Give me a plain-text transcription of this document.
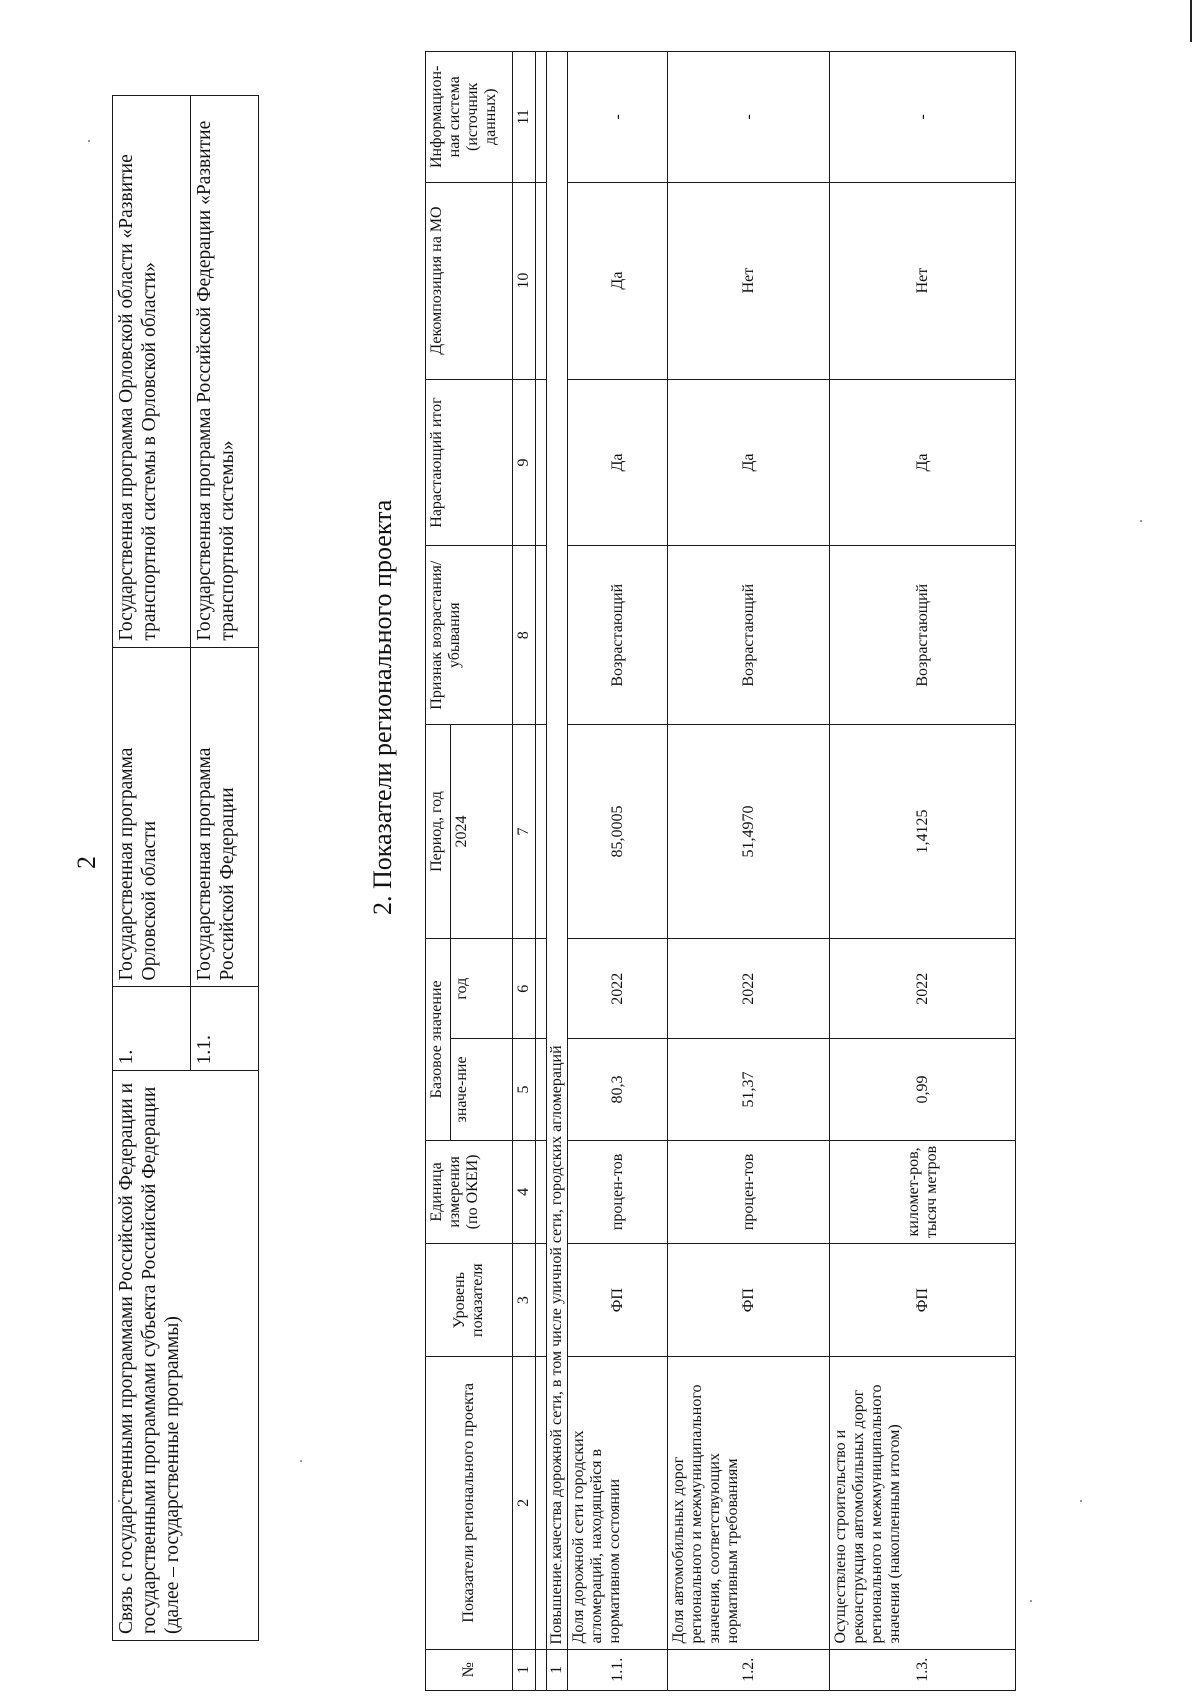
2
Связь с государственными программами Российской Федерации и государственными программами субъекта Российской Федерации (далее – государственные программы)	1.	Государственная программа Орловской области	Государственная программа Орловской области «Развитие транспортной системы в Орловской области»
	1.1.	Государственная программа Российской Федерации	Государственная программа Российской Федерации «Развитие транспортной системы»	2. Показатели регионального проекта
№	Показатели регионального проекта	Уровень показателя	Единица измерения (по ОКЕИ)	Базовое значение		Период, год	Признак возрастания/ убывания	Нарастающий итог	Декомпозиция на МО	Информацион-ная система (источник данных)
				значе-ние	год	2024				
1	2	3	4	5	6	7	8	9	10	11

1	Повышение качества дорожной сети, в том числе уличной сети, городских агломераций									
1.1.	Доля дорожной сети городских агломераций, находящейся в нормативном состоянии	ФП	процен-тов	80,3	2022	85,0005	Возрастающий	Да	Да	-
1.2.	Доля автомобильных дорог регионального и межмуниципального значения, соответствующих нормативным требованиям	ФП	процен-тов	51,37	2022	51,4970	Возрастающий	Да	Нет	-
1.3.	Осуществлено строительство и реконструкция автомобильных дорог регионального и межмуниципального значения (накопленным итогом)	ФП	километ-ров, тысяч метров	0,99	2022	1,4125	Возрастающий	Да	Нет	-
